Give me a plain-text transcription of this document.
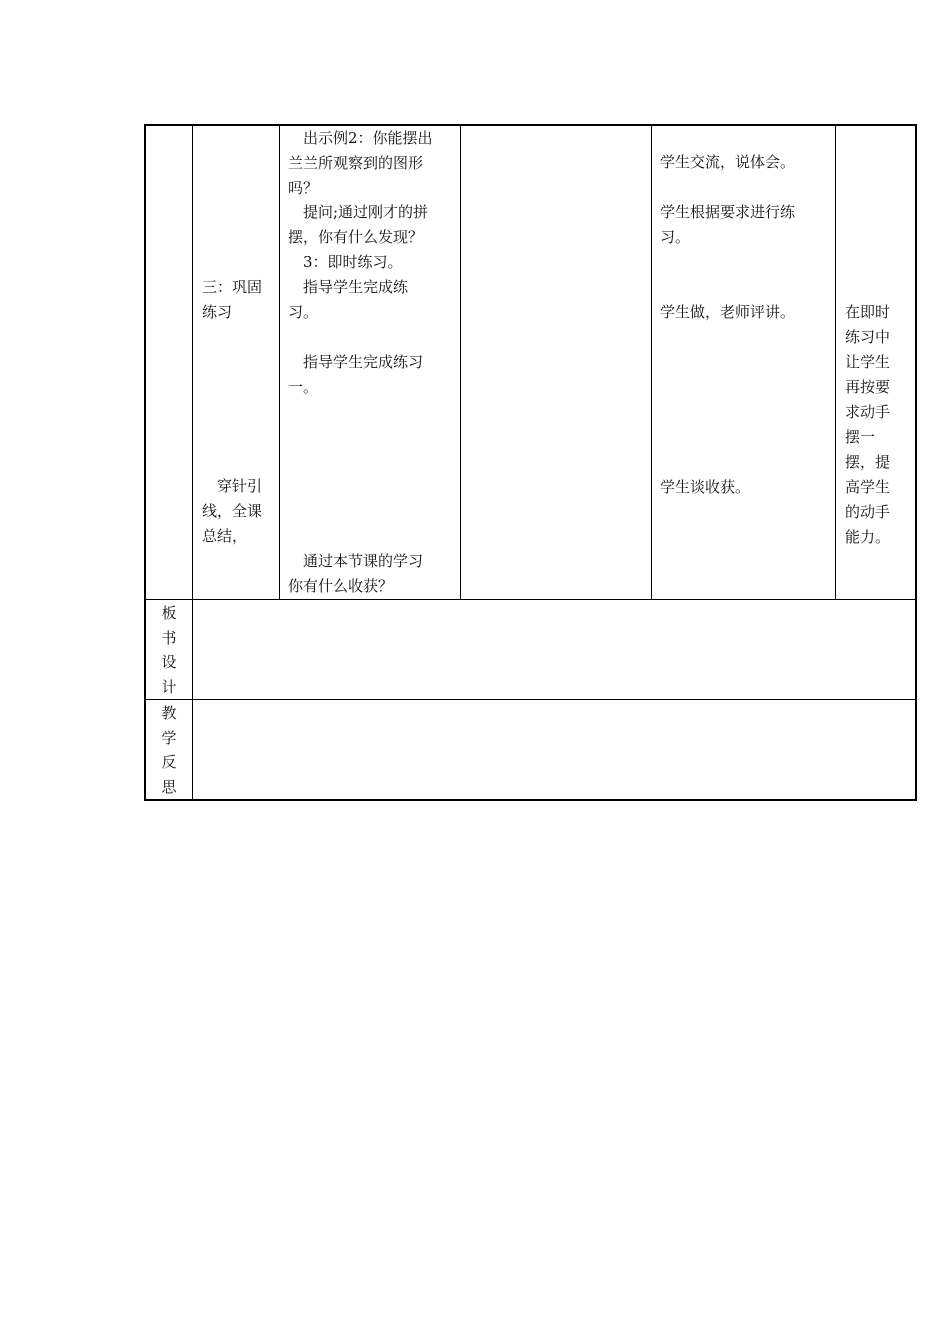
三：巩固
练习
　穿针引
线，全课
总结，
　出示例2：你能摆出
兰兰所观察到的图形
吗？
　提问;通过刚才的拼
摆，你有什么发现？
　3：即时练习。
　指导学生完成练
习。
　指导学生完成练习
一。
　通过本节课的学习
你有什么收获？
学生交流，说体会。
学生根据要求进行练
习。
学生做，老师评讲。
学生谈收获。
在即时
练习中
让学生
再按要
求动手
摆一
摆，提
高学生
的动手
能力。
板
书
设
计
教
学
反
思
